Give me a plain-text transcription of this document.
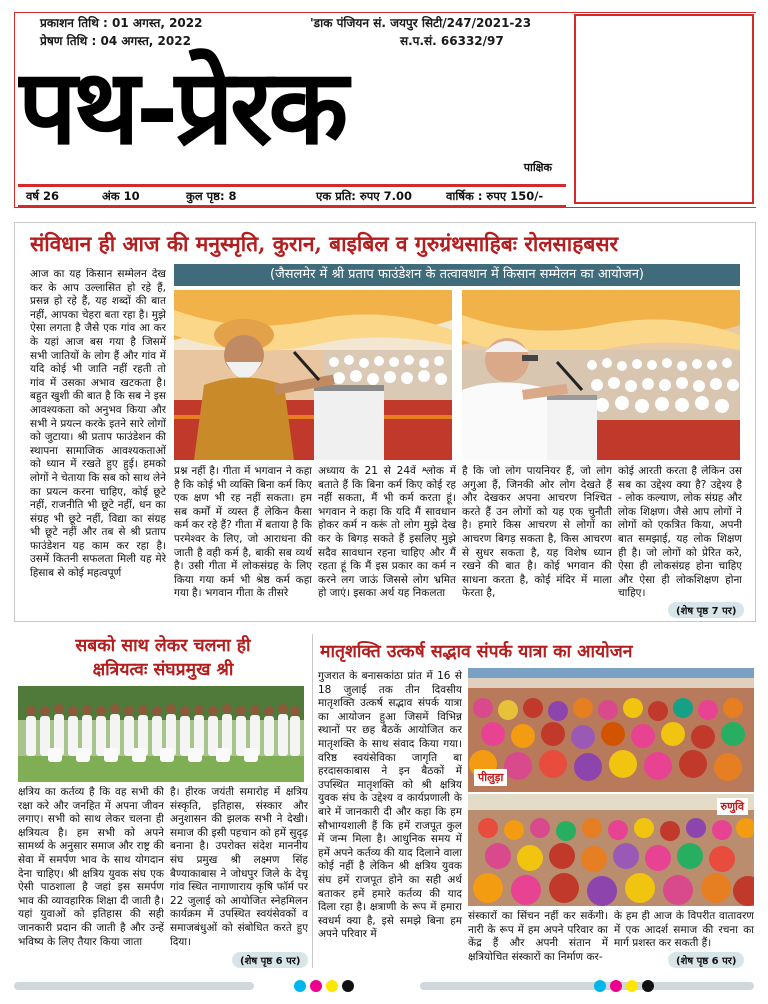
प्रकाशन तिथि : 01 अगस्त, 2022
प्रेषण तिथि : 04 अगस्त, 2022
'डाक पंजियन सं. जयपुर सिटी/247/2021-23
स.प.सं. 66332/97
पथ-प्रेरक	पाक्षिक
वर्ष 26	अंक 10	कुल पृष्ठ: 8	एक प्रति: रुपए 7.00	वार्षिक : रुपए 150/-
संविधान ही आज की मनुस्मृति, कुरान, बाइबिल व गुरुग्रंथसाहिबः रोलसाहबसर
(जैसलमेर में श्री प्रताप फाउंडेशन के तत्वावधान में किसान सम्मेलन का आयोजन)
आज का यह किसान सम्मेलन देख कर के आप उल्लासित हो रहे हैं, प्रसन्न हो रहे हैं, यह शब्दों की बात नहीं, आपका चेहरा बता रहा है। मुझे ऐसा लगता है जैसे एक गांव आ कर के यहां आज बस गया है जिसमें सभी जातियों के लोग हैं और गांव में यदि कोई भी जाति नहीं रहती तो गांव में उसका अभाव खटकता है। बहुत खुशी की बात है कि सब ने इस आवश्यकता को अनुभव किया और सभी ने प्रयत्न करके इतने सारे लोगों को जुटाया। श्री प्रताप फाउंडेशन की स्थापना सामाजिक आवश्यकताओं को ध्यान में रखते हुए हुई। हमको लोगों ने चेताया कि सब को साथ लेने का प्रयत्न करना चाहिए, कोई छूटे नहीं, राजनीति भी छूटे नहीं, धन का संग्रह भी छूटे नहीं, विद्या का संग्रह भी छूटे नहीं और तब से श्री प्रताप फाउंडेशन यह काम कर रहा है। उसमें कितनी सफलता मिली यह मेरे हिसाब से कोई महत्वपूर्ण
प्रश्न नहीं है। गीता में भगवान ने कहा है कि कोई भी व्यक्ति बिना कर्म किए एक क्षण भी रह नहीं सकता। हम सब कर्मों में व्यस्त हैं लेकिन कैसा कर्म कर रहे हैं? गीता में बताया है कि परमेश्वर के लिए, जो आराधना की जाती है वही कर्म है, बाकी सब व्यर्थ है। उसी गीता में लोकसंग्रह के लिए किया गया कर्म भी श्रेष्ठ कर्म कहा गया है। भगवान गीता के तीसरे
अध्याय के 21 से 24वें श्लोक में बताते हैं कि बिना कर्म किए कोई रह नहीं सकता, मैं भी कर्म करता हूं। भगवान ने कहा कि यदि मैं सावधान होकर कर्म न करूं तो लोग मुझे देख कर के बिगड़ सकते हैं इसलिए मुझे सदैव सावधान रहना चाहिए और मैं रहता हूं कि मैं इस प्रकार का कर्म न करने लग जाऊं जिससे लोग भ्रमित हो जाएं। इसका अर्थ यह निकलता
है कि जो लोग पायनियर हैं, जो लोग अगुआ हैं, जिनकी ओर लोग देखते हैं और देखकर अपना आचरण निश्चित करते हैं उन लोगों को यह एक चुनौती है। हमारे किस आचरण से लोगों का आचरण बिगड़ सकता है, किस आचरण से सुधर सकता है, यह विशेष ध्यान रखने की बात है। कोई भगवान की साधना करता है, कोई मंदिर में माला फेरता है,
कोई आरती करता है लेकिन उस सब का उद्देश्य क्या है? उद्देश्य है - लोक कल्याण, लोक संग्रह और लोक शिक्षण। जैसे आप लोगों ने लोगों को एकत्रित किया, अपनी बात समझाई, यह लोक शिक्षण ही है। जो लोगों को प्रेरित करे, ऐसा ही लोकसंग्रह होना चाहिए और ऐसा ही लोकशिक्षण होना चाहिए।
(शेष पृष्ठ 7 पर)
सबको साथ लेकर चलना ही
क्षत्रियत्वः संघप्रमुख श्री
क्षत्रिय का कर्तव्य है कि वह सभी की रक्षा करे और जनहित में अपना जीवन लगाए। सभी को साथ लेकर चलना ही क्षत्रियत्व है। हम सभी को अपने सामर्थ्य के अनुसार समाज और राष्ट्र की सेवा में समर्पण भाव के साथ योगदान देना चाहिए। श्री क्षत्रिय युवक संघ एक ऐसी पाठशाला है जहां इस समर्पण भाव की व्यावहारिक शिक्षा दी जाती है। यहां युवाओं को इतिहास की सही जानकारी प्रदान की जाती है और उन्हें भविष्य के लिए तैयार किया जाता
है। हीरक जयंती समारोह में क्षत्रिय संस्कृति, इतिहास, संस्कार और अनुशासन की झलक सभी ने देखी। समाज की इसी पहचान को हमें सुदृढ़ बनाना है। उपरोक्त संदेश माननीय संघ प्रमुख श्री लक्ष्मण सिंह बैण्याकाबास ने जोधपुर जिले के देचू गांव स्थित नागाणाराय कृषि फॉर्म पर 22 जुलाई को आयोजित स्नेहमिलन कार्यक्रम में उपस्थित स्वयंसेवकों व समाजबंधुओं को संबोधित करते हुए दिया।
(शेष पृष्ठ 6 पर)
मातृशक्ति उत्कर्ष सद्भाव संपर्क यात्रा का आयोजन
गुजरात के बनासकांठा प्रांत में 16 से 18 जुलाई तक तीन दिवसीय मातृशक्ति उत्कर्ष सद्भाव संपर्क यात्रा का आयोजन हुआ जिसमें विभिन्न स्थानों पर छह बैठकें आयोजित कर मातृशक्ति के साथ संवाद किया गया। वरिष्ठ स्वयंसेविका जागृति बा हरदासकाबास ने इन बैठकों में उपस्थित मातृशक्ति को श्री क्षत्रिय युवक संघ के उद्देश्य व कार्यप्रणाली के बारे में जानकारी दी और कहा कि हम सौभाग्यशाली हैं कि हमें राजपूत कुल में जन्म मिला है। आधुनिक समय में हमें अपने कर्तव्य की याद दिलाने वाला कोई नहीं है लेकिन श्री क्षत्रिय युवक संघ हमें राजपूत होने का सही अर्थ बताकर हमें हमारे कर्तव्य की याद दिला रहा है। क्षत्राणी के रूप में हमारा स्वधर्म क्या है, इसे समझे बिना हम अपने परिवार में
पीलुड़ा
रुणुवि
संस्कारों का सिंचन नहीं कर सकेंगी। नारी के रूप में हम अपने परिवार का केंद्र हैं और अपनी संतान में क्षत्रियोचित संस्कारों का निर्माण कर-
के हम ही आज के विपरीत वातावरण में एक आदर्श समाज की रचना का मार्ग प्रशस्त कर सकती हैं।
(शेष पृष्ठ 6 पर)
